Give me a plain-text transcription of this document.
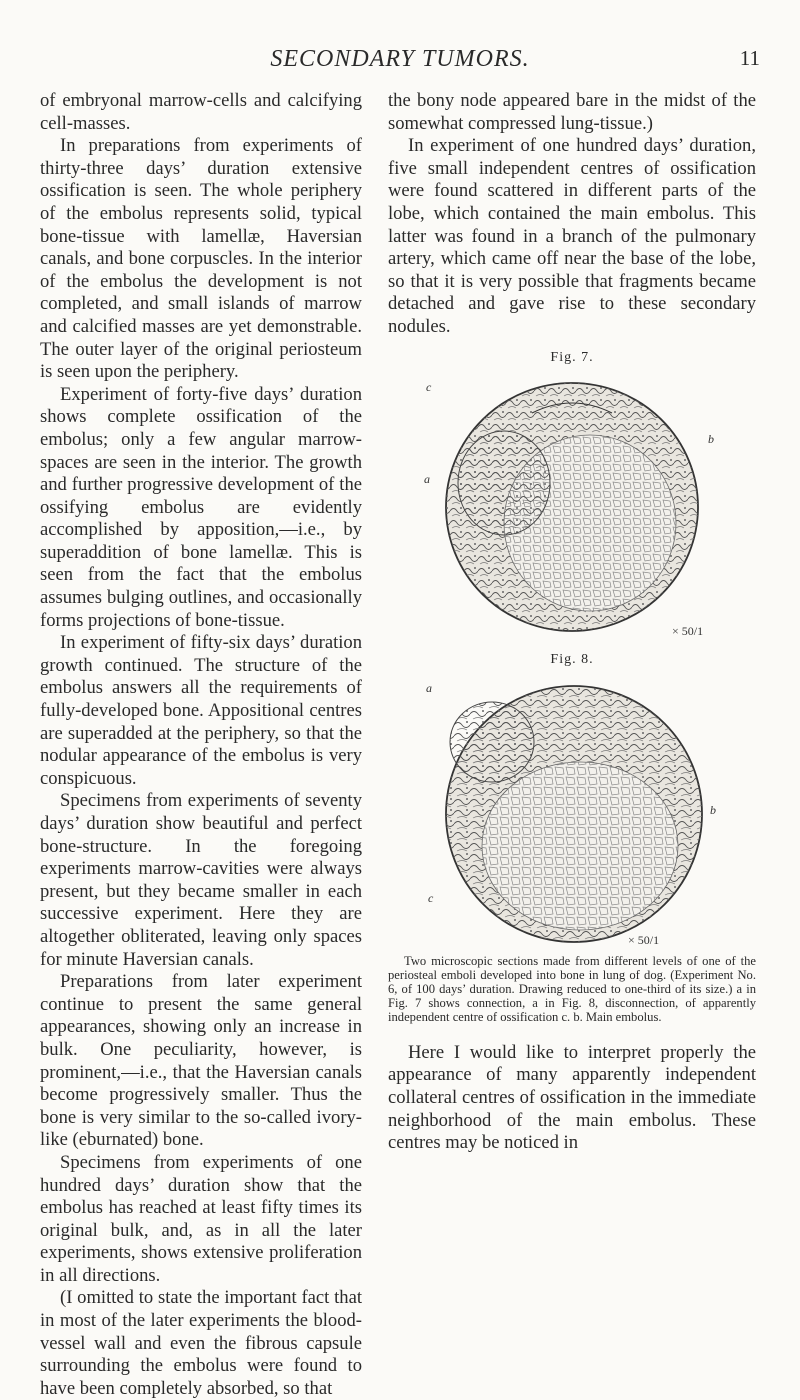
SECONDARY TUMORS.	11

of embryonal marrow-cells and calcifying cell-masses.

In preparations from experiments of thirty-three days’ duration extensive ossification is seen. The whole periphery of the embolus represents solid, typical bone-tissue with lamellæ, Haversian canals, and bone corpuscles. In the interior of the embolus the development is not completed, and small islands of marrow and calcified masses are yet demonstrable. The outer layer of the original periosteum is seen upon the periphery.

Experiment of forty-five days’ duration shows complete ossification of the embolus; only a few angular marrow-spaces are seen in the interior. The growth and further progressive development of the ossifying embolus are evidently accomplished by apposition,—i.e., by superaddition of bone lamellæ. This is seen from the fact that the embolus assumes bulging outlines, and occasionally forms projections of bone-tissue.

In experiment of fifty-six days’ duration growth continued. The structure of the embolus answers all the requirements of fully-developed bone. Appositional centres are superadded at the periphery, so that the nodular appearance of the embolus is very conspicuous.

Specimens from experiments of seventy days’ duration show beautiful and perfect bone-structure. In the foregoing experiments marrow-cavities were always present, but they became smaller in each successive experiment. Here they are altogether obliterated, leaving only spaces for minute Haversian canals.

Preparations from later experiment continue to present the same general appearances, showing only an increase in bulk. One peculiarity, however, is prominent,—i.e., that the Haversian canals become progressively smaller. Thus the bone is very similar to the so-called ivory-like (eburnated) bone.

Specimens from experiments of one hundred days’ duration show that the embolus has reached at least fifty times its original bulk, and, as in all the later experiments, shows extensive proliferation in all directions.

(I omitted to state the important fact that in most of the later experiments the blood-vessel wall and even the fibrous capsule surrounding the embolus were found to have been completely absorbed, so that

the bony node appeared bare in the midst of the somewhat compressed lung-tissue.)

In experiment of one hundred days’ duration, five small independent centres of ossification were found scattered in different parts of the lobe, which contained the main embolus. This latter was found in a branch of the pulmonary artery, which came off near the base of the lobe, so that it is very possible that fragments became detached and gave rise to these secondary nodules.

Fig. 7.
c
a
b
× 50/1
Fig. 8.
a
b
c
× 50/1

Two microscopic sections made from different levels of one of the periosteal emboli developed into bone in lung of dog. (Experiment No. 6, of 100 days’ duration. Drawing reduced to one-third of its size.) a in Fig. 7 shows connection, a in Fig. 8, disconnection, of apparently independent centre of ossification c. b. Main embolus.

Here I would like to interpret properly the appearance of many apparently independent collateral centres of ossification in the immediate neighborhood of the main embolus. These centres may be noticed in
